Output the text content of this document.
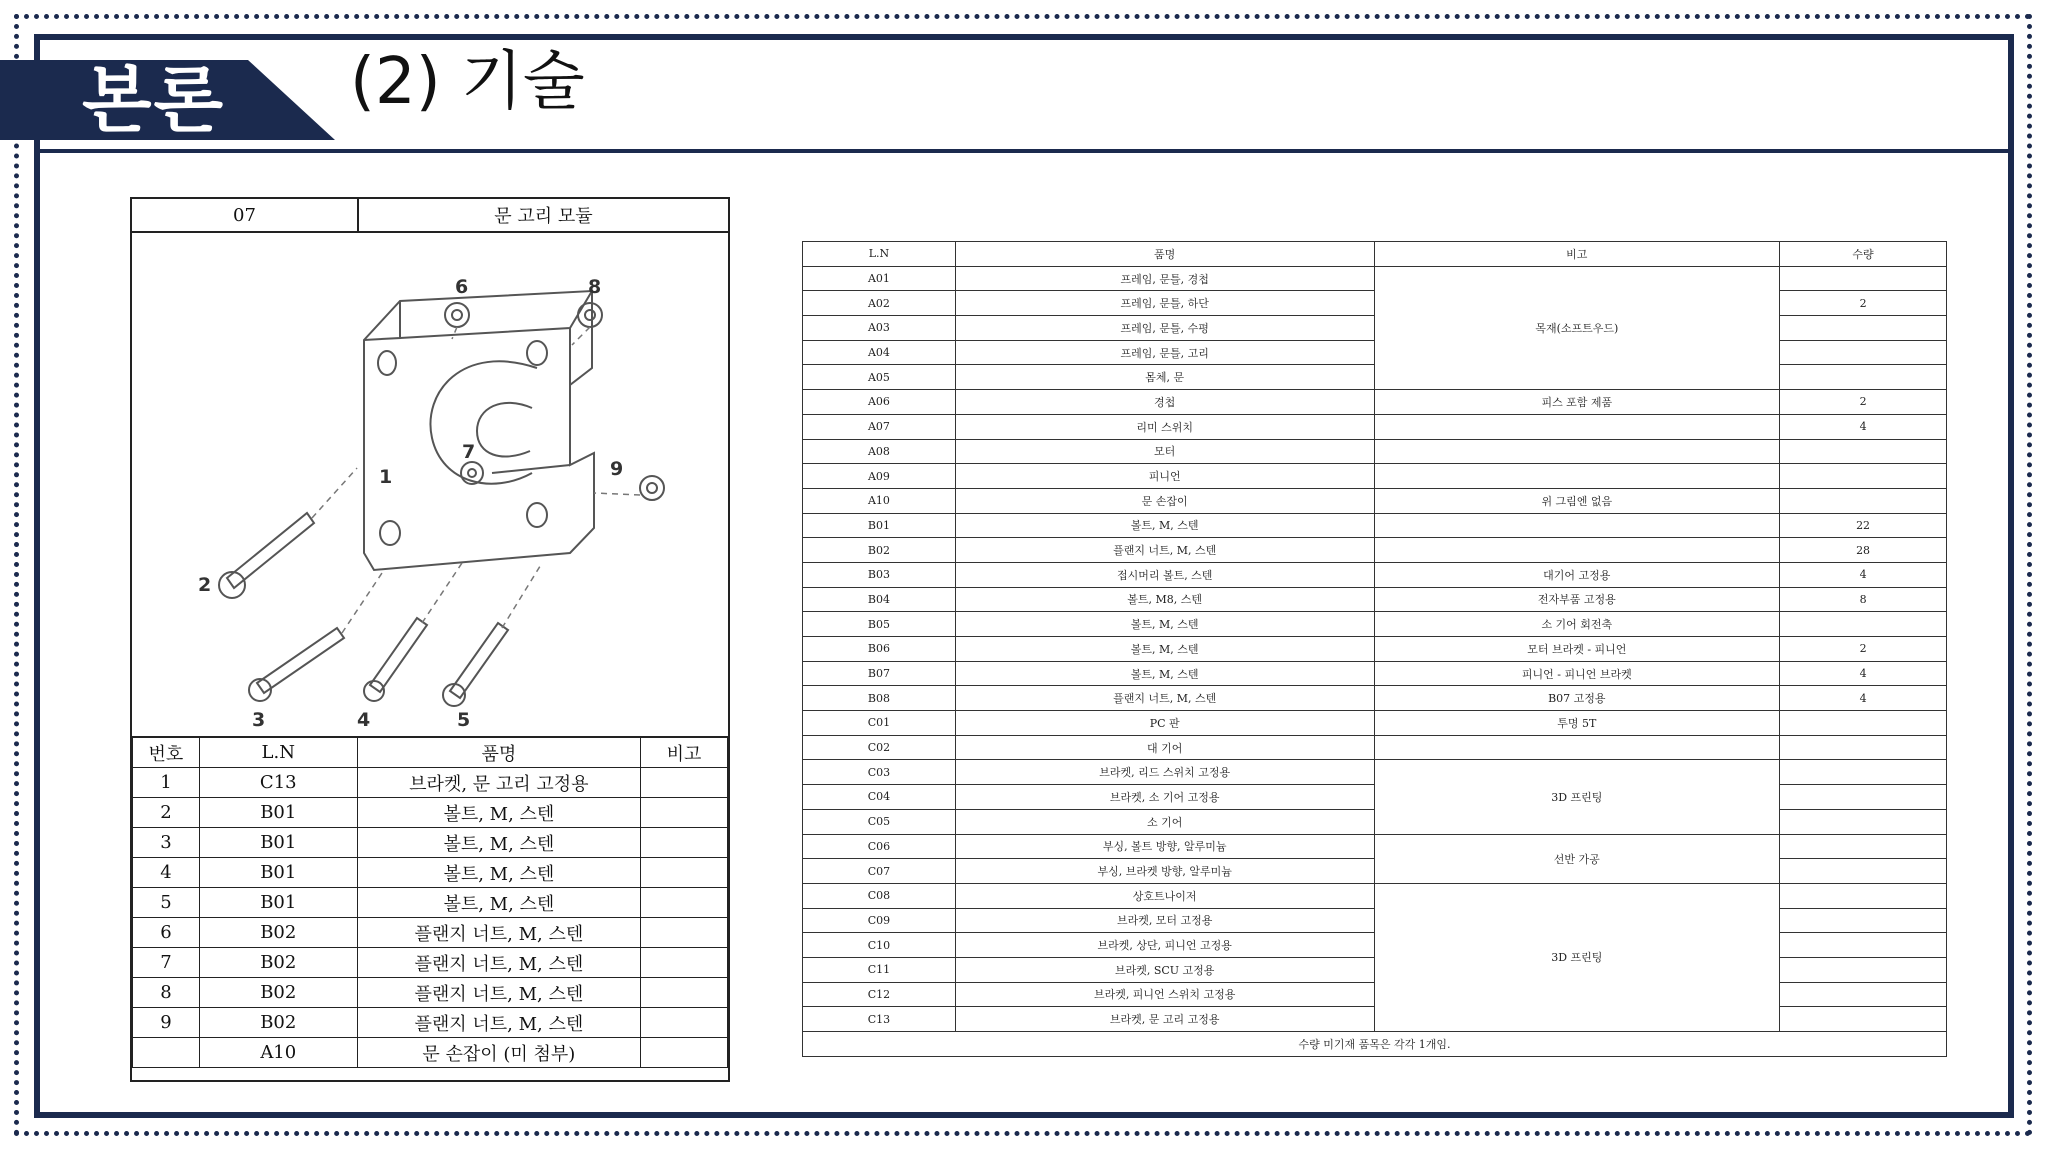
본론 (2) 기술
07	문 고리 모듈
6	8
1
7
9
2
3	4	5
번호	L.N	품명	비고
1	C13	브라켓, 문 고리 고정용	
2	B01	볼트, M, 스텐	
3	B01	볼트, M, 스텐	
4	B01	볼트, M, 스텐	
5	B01	볼트, M, 스텐	
6	B02	플랜지 너트, M, 스텐	
7	B02	플랜지 너트, M, 스텐	
8	B02	플랜지 너트, M, 스텐	
9	B02	플랜지 너트, M, 스텐	
	A10	문 손잡이 (미 첨부)	
L.N	품명	비고	수량
A01	프레임, 문틀, 경첩	목재(소프트우드)	
A02	프레임, 문틀, 하단		2
A03	프레임, 문틀, 수평		
A04	프레임, 문틀, 고리		
A05	몸체, 문		
A06	경첩	피스 포함 제품	2
A07	리미 스위치		4
A08	모터		
A09	피니언		
A10	문 손잡이	위 그림엔 없음	
B01	볼트, M, 스텐		22
B02	플랜지 너트, M, 스텐		28
B03	접시머리 볼트, 스텐	대기어 고정용	4
B04	볼트, M8, 스텐	전자부품 고정용	8
B05	볼트, M, 스텐	소 기어 회전축	
B06	볼트, M, 스텐	모터 브라켓 - 피니언	2
B07	볼트, M, 스텐	피니언 - 피니언 브라켓	4
B08	플랜지 너트, M, 스텐	B07 고정용	4
C01	PC 판	투명 5T	
C02	대 기어		
C03	브라켓, 리드 스위치 고정용	3D 프린팅	
C04	브라켓, 소 기어 고정용		
C05	소 기어		
C06	부싱, 볼트 방향, 알루미늄	선반 가공	
C07	부싱, 브라켓 방향, 알루미늄		
C08	상호트나이저	3D 프린팅	
C09	브라켓, 모터 고정용		
C10	브라켓, 상단, 피니언 고정용		
C11	브라켓, SCU 고정용		
C12	브라켓, 피니언 스위치 고정용		
C13	브라켓, 문 고리 고정용		
수량 미기재 품목은 각각 1개임.			
